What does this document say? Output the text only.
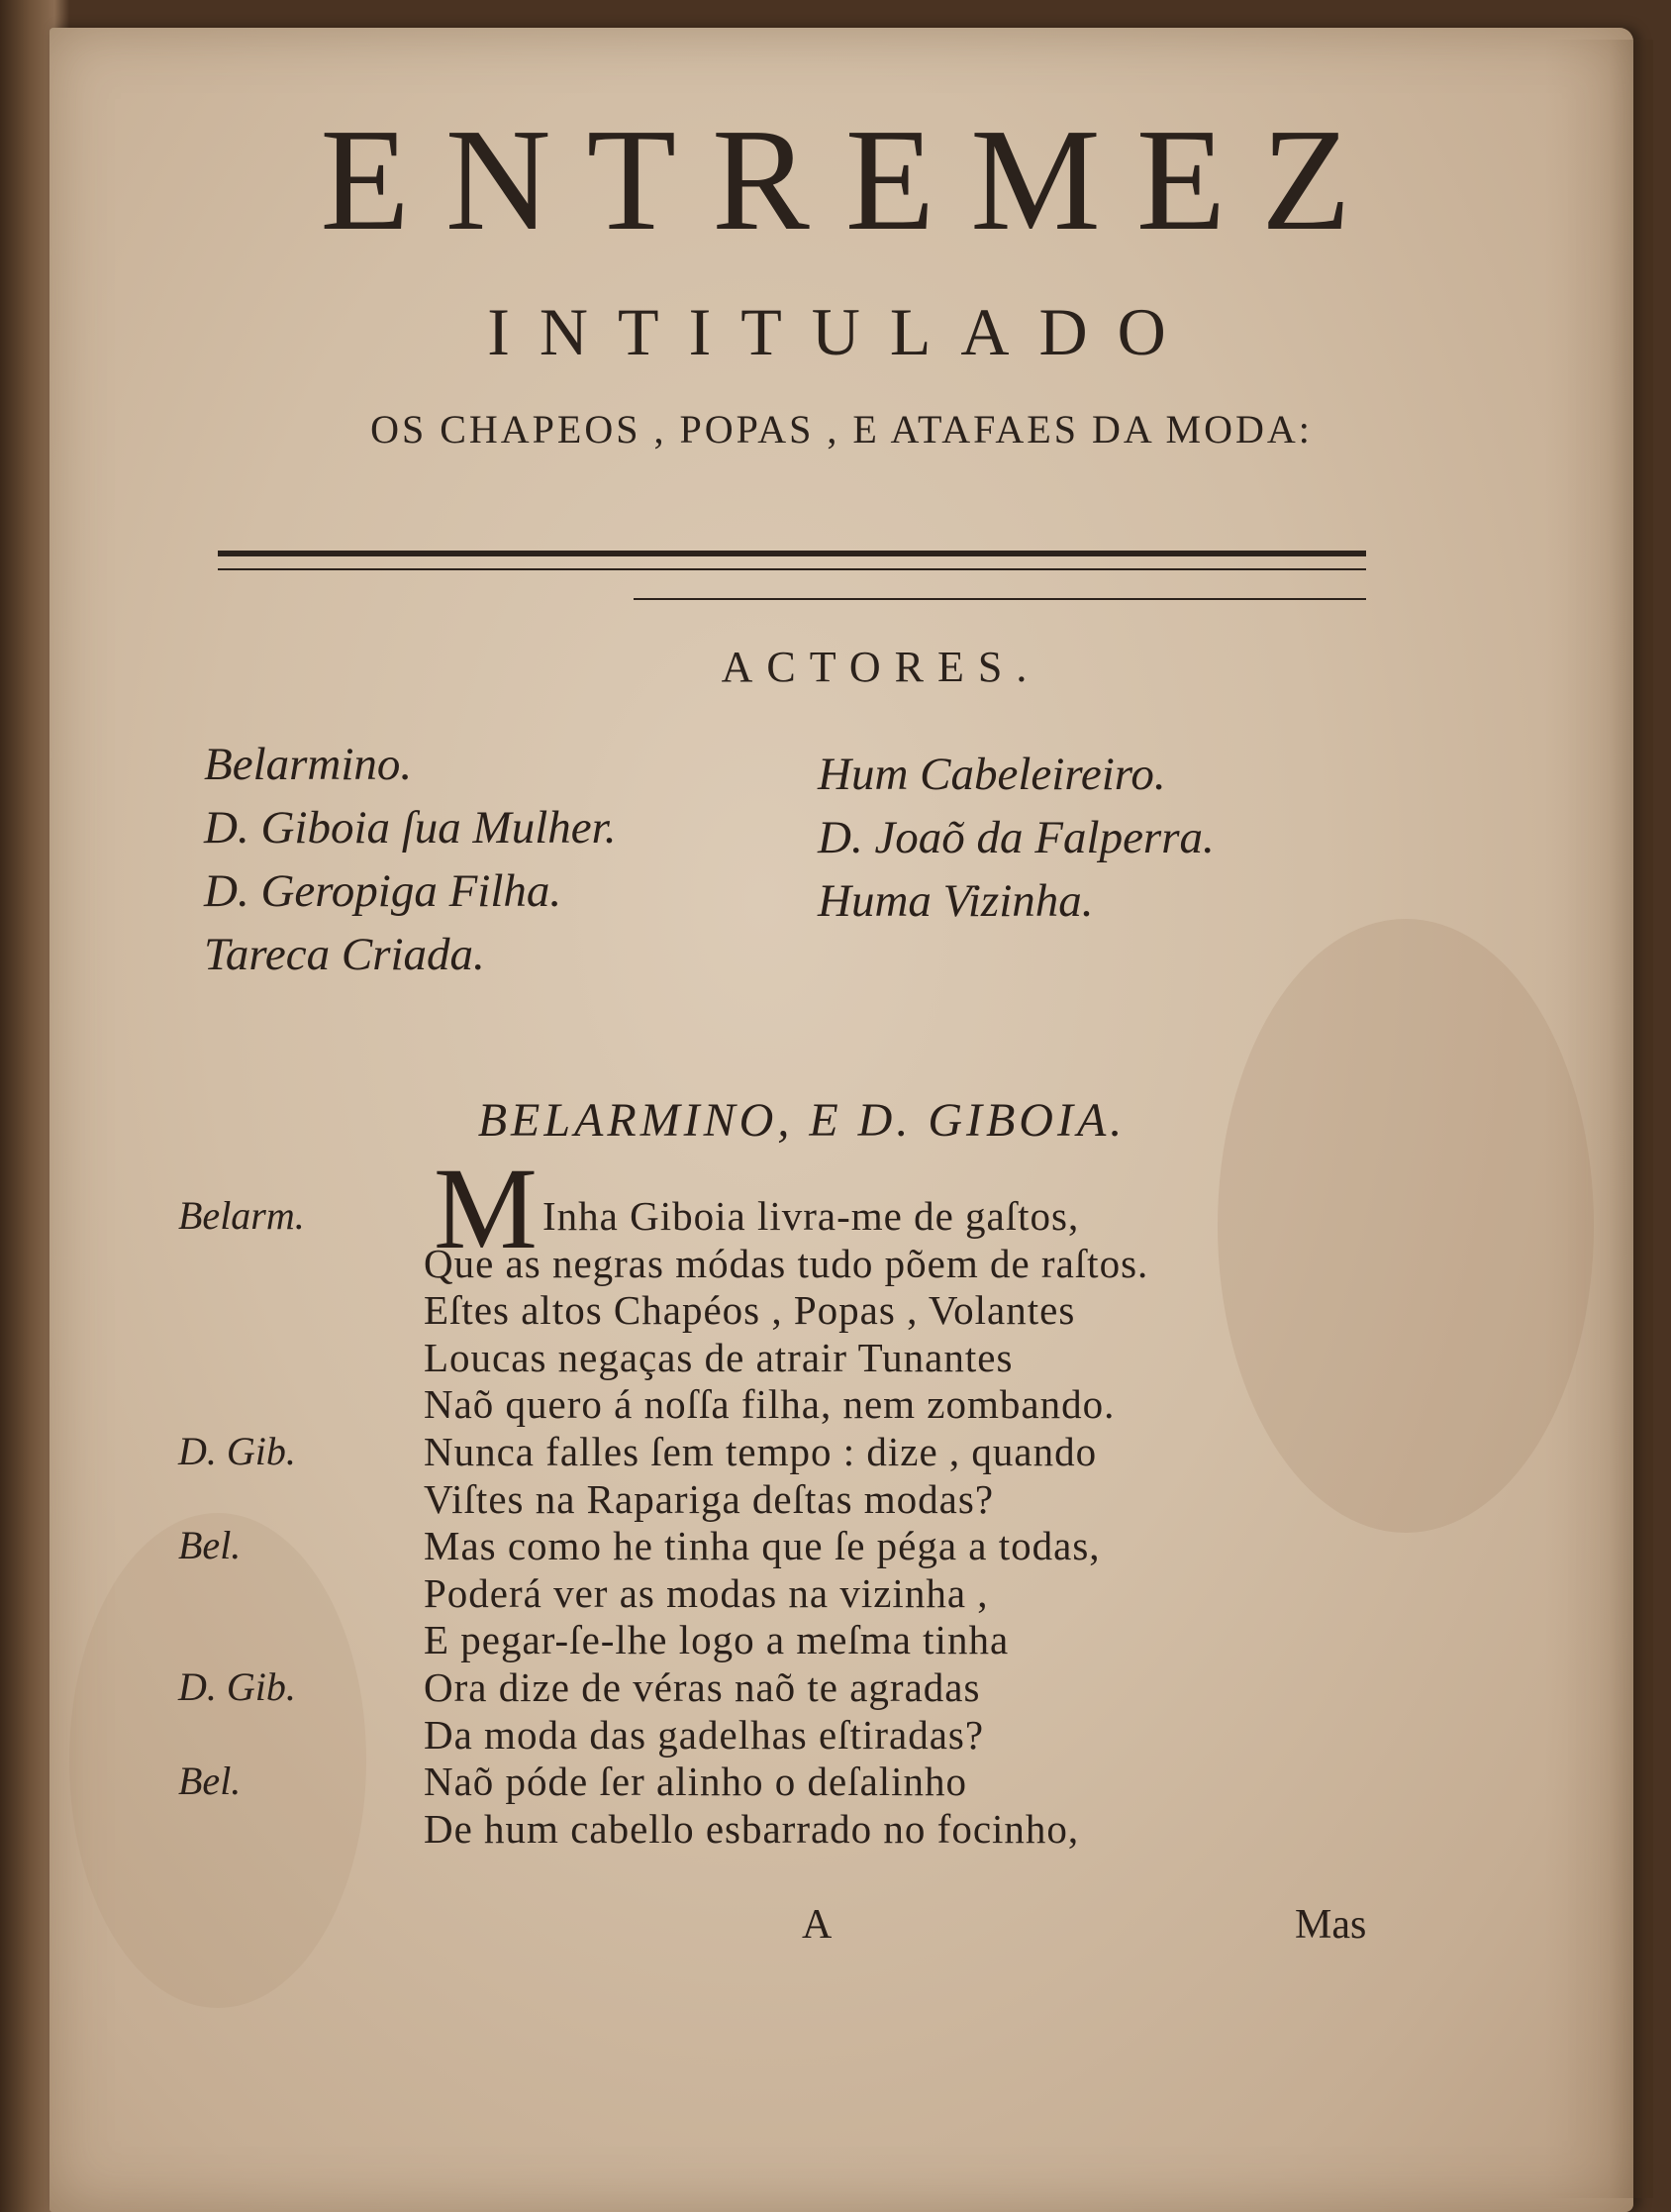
ENTREMEZ
INTITULADO
OS CHAPEOS , POPAS , E ATAFAES DA MODA:
ACTORES.
Belarmino.
D. Giboia ſua Mulher.
D. Geropiga Filha.
Tareca Criada.
Hum Cabeleireiro.
D. Joaõ da Falperra.
Huma Vizinha.
BELARMINO, E D. GIBOIA.
Belarm.	M Inha Giboia livra-me de gaſtos,
Que as negras módas tudo põem de raſtos.
Eſtes altos Chapéos , Popas , Volantes
Loucas negaças de atrair Tunantes
Naõ quero á noſſa filha, nem zombando.
D. Gib.	Nunca falles ſem tempo : dize , quando
Viſtes na Rapariga deſtas modas?
Bel.	Mas como he tinha que ſe péga a todas,
Poderá ver as modas na vizinha ,
E pegar-ſe-lhe logo a meſma tinha
D. Gib.	Ora dize de véras naõ te agradas
Da moda das gadelhas eſtiradas?
Bel.	Naõ póde ſer alinho o deſalinho
De hum cabello esbarrado no focinho,
A	Mas
